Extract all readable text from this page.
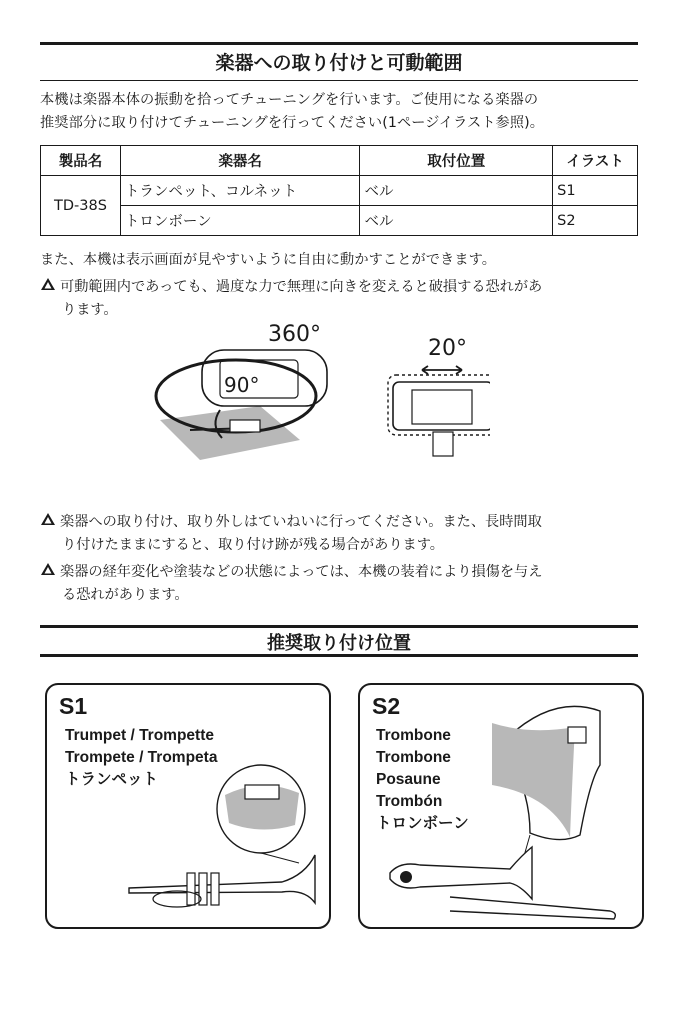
楽器への取り付けと可動範囲
本機は楽器本体の振動を拾ってチューニングを行います。ご使用になる楽器の
推奨部分に取り付けてチューニングを行ってください(1ページイラスト参照)。
製品名	楽器名	取付位置	イラスト
TD-38S	トランペット、コルネット	ベル	S1
	トロンボーン	ベル	S2
また、本機は表示画面が見やすいように自由に動かすことができます。
可動範囲内であっても、過度な力で無理に向きを変えると破損する恐れがあ
ります。
360°
90°
20°
楽器への取り付け、取り外しはていねいに行ってください。また、長時間取
り付けたままにすると、取り付け跡が残る場合があります。
楽器の経年変化や塗装などの状態によっては、本機の装着により損傷を与え
る恐れがあります。
推奨取り付け位置
S1
Trumpet / Trompette
Trompete / Trompeta
トランペット
S2
Trombone
Trombone
Posaune
Trombón
トロンボーン
